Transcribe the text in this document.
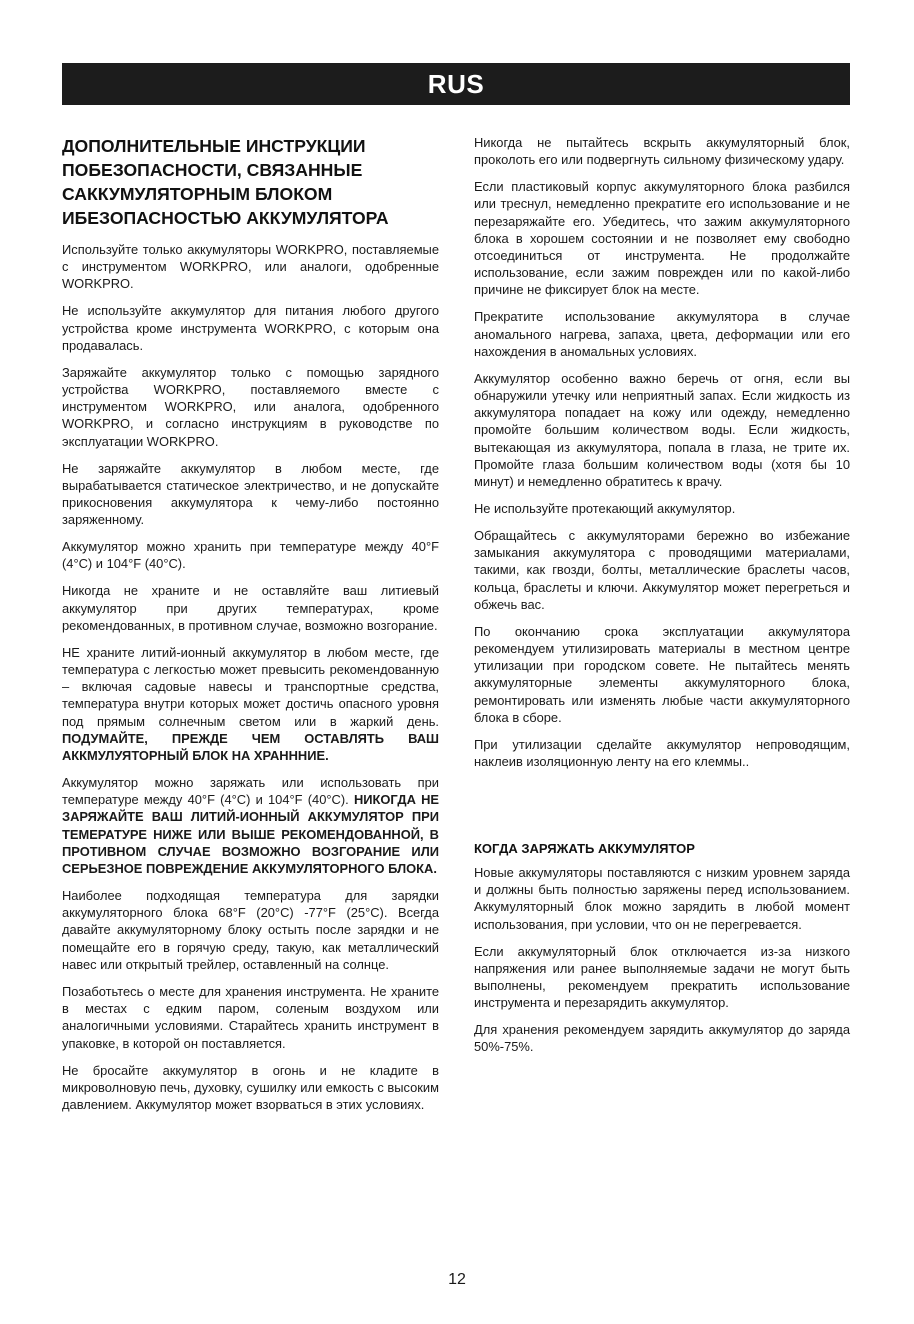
RUS
ДОПОЛНИТЕЛЬНЫЕ ИНСТРУКЦИИ ПОБЕЗОПАСНОСТИ, СВЯЗАННЫЕ САККУМУЛЯТОРНЫМ БЛОКОМ ИБЕЗОПАСНОСТЬЮ АККУМУЛЯТОРА

Используйте только аккумуляторы WORKPRO, поставляемые с инструментом WORKPRO, или аналоги, одобренные WORKPRO.

Не используйте аккумулятор для питания любого другого устройства кроме инструмента WORKPRO, с которым она продавалась.

Заряжайте аккумулятор только с помощью зарядного устройства WORKPRO, поставляемого вместе с инструментом WORKPRO, или аналога, одобренного WORKPRO, и согласно инструкциям в руководстве по эксплуатации WORKPRO.

Не заряжайте аккумулятор в любом месте, где вырабатывается статическое электричество, и не допускайте прикосновения аккумулятора к чему-либо постоянно заряженному.

Аккумулятор можно хранить при температуре между 40°F (4°C) и 104°F (40°C).

Никогда не храните и не оставляйте ваш литиевый аккумулятор при других температурах, кроме рекомендованных, в противном случае, возможно возгорание.

НЕ храните литий-ионный аккумулятор в любом месте, где температура с легкостью может превысить рекомендованную – включая садовые навесы и транспортные средства, температура внутри которых может достичь опасного уровня под прямым солнечным светом или в жаркий день. ПОДУМАЙТЕ, ПРЕЖДЕ ЧЕМ ОСТАВЛЯТЬ ВАШ АККМУЛУЯТОРНЫЙ БЛОК НА ХРАНННИЕ.

Аккумулятор можно заряжать или использовать при температуре между 40°F (4°C) и 104°F (40°C). НИКОГДА НЕ ЗАРЯЖАЙТЕ ВАШ ЛИТИЙ-ИОННЫЙ АККУМУЛЯТОР ПРИ ТЕМЕРАТУРЕ НИЖЕ ИЛИ ВЫШЕ РЕКОМЕНДОВАННОЙ, В ПРОТИВНОМ СЛУЧАЕ ВОЗМОЖНО ВОЗГОРАНИЕ ИЛИ СЕРЬЕЗНОЕ ПОВРЕЖДЕНИЕ АККУМУЛЯТОРНОГО БЛОКА.

Наиболее подходящая температура для зарядки аккумуляторного блока 68°F (20°C) -77°F (25°C). Всегда давайте аккумуляторному блоку остыть после зарядки и не помещайте его в горячую среду, такую, как металлический навес или открытый трейлер, оставленный на солнце.

Позаботьтесь о месте для хранения инструмента. Не храните в местах с едким паром, соленым воздухом или аналогичными условиями. Старайтесь хранить инструмент в упаковке, в которой он поставляется.

Не бросайте аккумулятор в огонь и не кладите в микроволновую печь, духовку, сушилку или емкость с высоким давлением. Аккумулятор может взорваться в этих условиях.

Никогда не пытайтесь вскрыть аккумуляторный блок, проколоть его или подвергнуть сильному физическому удару.

Если пластиковый корпус аккумуляторного блока разбился или треснул, немедленно прекратите его использование и не перезаряжайте его. Убедитесь, что зажим аккумуляторного блока в хорошем состоянии и не позволяет ему свободно отсоединиться от инструмента. Не продолжайте использование, если зажим поврежден или по какой-либо причине не фиксирует блок на месте.

Прекратите использование аккумулятора в случае аномального нагрева, запаха, цвета, деформации или его нахождения в аномальных условиях.

Аккумулятор особенно важно беречь от огня, если вы обнаружили утечку или неприятный запах. Если жидкость из аккумулятора попадает на кожу или одежду, немедленно промойте большим количеством воды. Если жидкость, вытекающая из аккумулятора, попала в глаза, не трите их. Промойте глаза большим количеством воды (хотя бы 10 минут) и немедленно обратитесь к врачу.

Не используйте протекающий аккумулятор.

Обращайтесь с аккумуляторами бережно во избежание замыкания аккумулятора с проводящими материалами, такими, как гвозди, болты, металлические браслеты часов, кольца, браслеты и ключи. Аккумулятор может перегреться и обжечь вас.

По окончанию срока эксплуатации аккумулятора рекомендуем утилизировать материалы в местном центре утилизации при городском совете. Не пытайтесь менять аккумуляторные элементы аккумуляторного блока, ремонтировать или изменять любые части аккумуляторного блока в сборе.

При утилизации сделайте аккумулятор непроводящим, наклеив изоляционную ленту на его клеммы..

КОГДА ЗАРЯЖАТЬ АККУМУЛЯТОР

Новые аккумуляторы поставляются с низким уровнем заряда и должны быть полностью заряжены перед использованием. Аккумуляторный блок можно зарядить в любой момент использования, при условии, что он не перегревается.

Если аккумуляторный блок отключается из-за низкого напряжения или ранее выполняемые задачи не могут быть выполнены, рекомендуем прекратить использование инструмента и перезарядить аккумулятор.

Для хранения рекомендуем зарядить аккумулятор до заряда 50%-75%.

12
